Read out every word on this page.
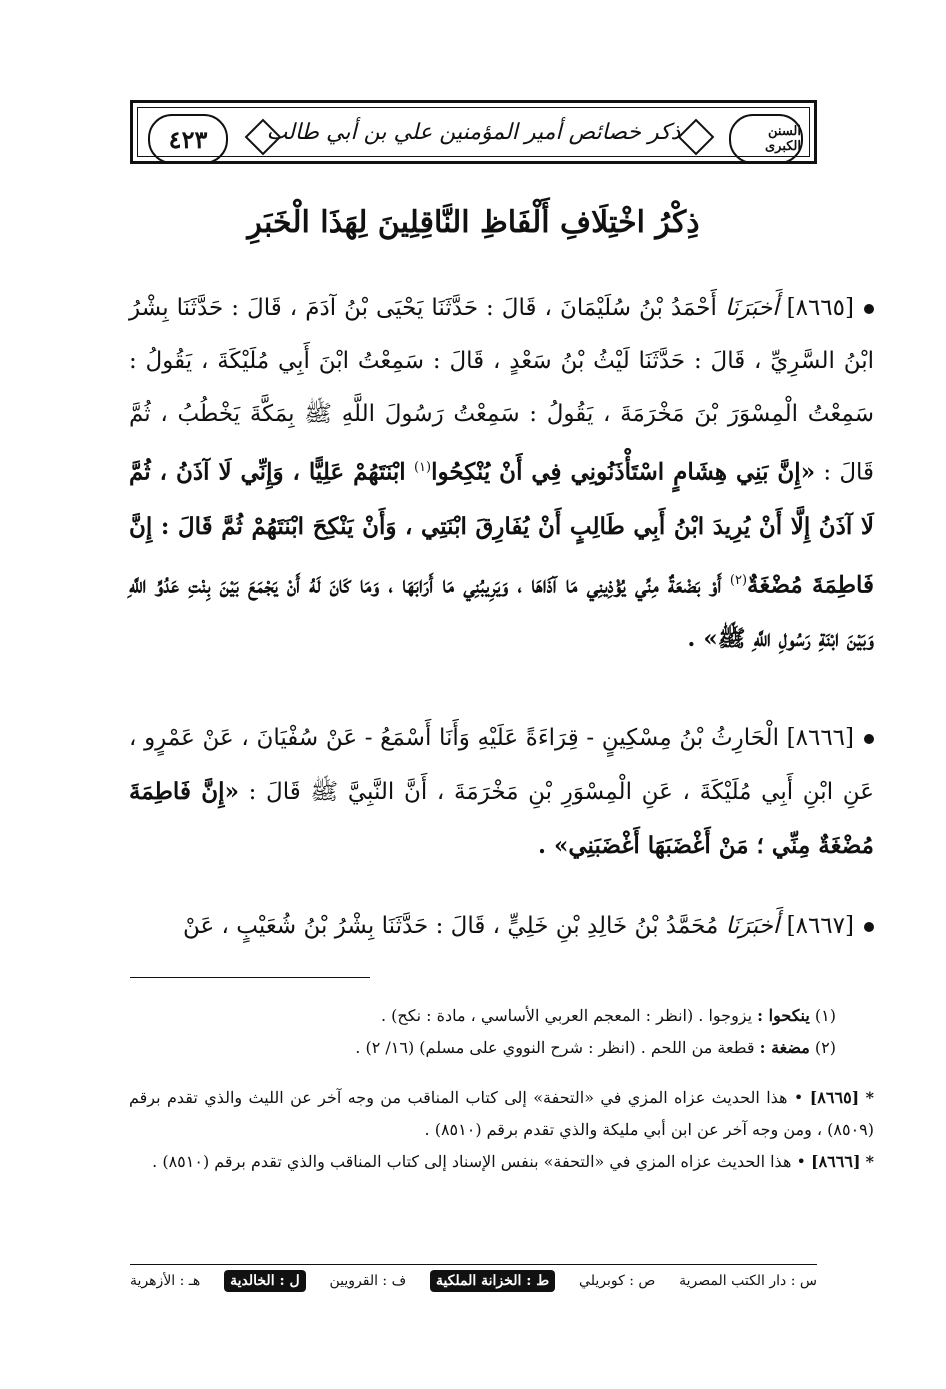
السنن الكبرى
ذكر خصائص أمير المؤمنين علي بن أبي طالب
٤٢٣
ذِكْرُ اخْتِلَافِ أَلْفَاظِ النَّاقِلِينَ لِهَذَا الْخَبَرِ
[٨٦٦٥] أَخبَرَنَا أَحْمَدُ بْنُ سُلَيْمَانَ ، قَالَ : حَدَّثَنَا يَحْيَى بْنُ آدَمَ ، قَالَ : حَدَّثَنَا بِشْرُ ابْنُ السَّرِيِّ ، قَالَ : حَدَّثَنَا لَيْثُ بْنُ سَعْدٍ ، قَالَ : سَمِعْتُ ابْنَ أَبِي مُلَيْكَةَ ، يَقُولُ : سَمِعْتُ الْمِسْوَرَ بْنَ مَخْرَمَةَ ، يَقُولُ : سَمِعْتُ رَسُولَ اللَّهِ ﷺ بِمَكَّةَ يَخْطُبُ ، ثُمَّ قَالَ : «إِنَّ بَنِي هِشَامٍ اسْتَأْذَنُونِي فِي أَنْ يُنْكِحُوا$^{(١)}$ ابْنَتَهُمْ عَلِيًّا ، وَإِنِّي لَا آذَنُ ، ثُمَّ لَا آذَنُ إِلَّا أَنْ يُرِيدَ ابْنُ أَبِي طَالِبٍ أَنْ يُفَارِقَ ابْنَتِي ، وَأَنْ يَنْكِحَ ابْنَتَهُمْ ثُمَّ قَالَ : إِنَّ فَاطِمَةَ مُضْغَةٌ$^{(٢)}$ أَوْ بَضْعَةٌ مِنِّي يُؤْذِينِي مَا آذَاهَا ، وَيَرِيبُنِي مَا أَرَابَهَا ، وَمَا كَانَ لَهُ أَنْ يَجْمَعَ بَيْنَ بِنْتِ عَدُوِّ اللَّهِ وَبَيْنَ ابْنَةِ رَسُولِ اللَّهِ ﷺ» .
[٨٦٦٦] الْحَارِثُ بْنُ مِسْكِينٍ - قِرَاءَةً عَلَيْهِ وَأَنَا أَسْمَعُ - عَنْ سُفْيَانَ ، عَنْ عَمْرٍو ، عَنِ ابْنِ أَبِي مُلَيْكَةَ ، عَنِ الْمِسْوَرِ بْنِ مَخْرَمَةَ ، أَنَّ النَّبِيَّ ﷺ قَالَ : «إِنَّ فَاطِمَةَ مُضْغَةٌ مِنِّي ؛ مَنْ أَغْضَبَهَا أَغْضَبَنِي» .
[٨٦٦٧] أَخبَرَنَا مُحَمَّدُ بْنُ خَالِدِ بْنِ خَلِيٍّ ، قَالَ : حَدَّثَنَا بِشْرُ بْنُ شُعَيْبٍ ، عَنْ
(١) ينكحوا : يزوجوا . (انظر : المعجم العربي الأساسي ، مادة : نكح) .
(٢) مضغة : قطعة من اللحم . (انظر : شرح النووي على مسلم) (١٦/ ٢) .
* [٨٦٦٥] • هذا الحديث عزاه المزي في «التحفة» إلى كتاب المناقب من وجه آخر عن الليث والذي تقدم برقم (٨٥٠٩) ، ومن وجه آخر عن ابن أبي مليكة والذي تقدم برقم (٨٥١٠) .
* [٨٦٦٦] • هذا الحديث عزاه المزي في «التحفة» بنفس الإسناد إلى كتاب المناقب والذي تقدم برقم (٨٥١٠) .
س : دار الكتب المصرية
ص : كوبريلي
ط : الخزانة الملكية
ف : القرويين
ل : الخالدية
هـ : الأزهرية
